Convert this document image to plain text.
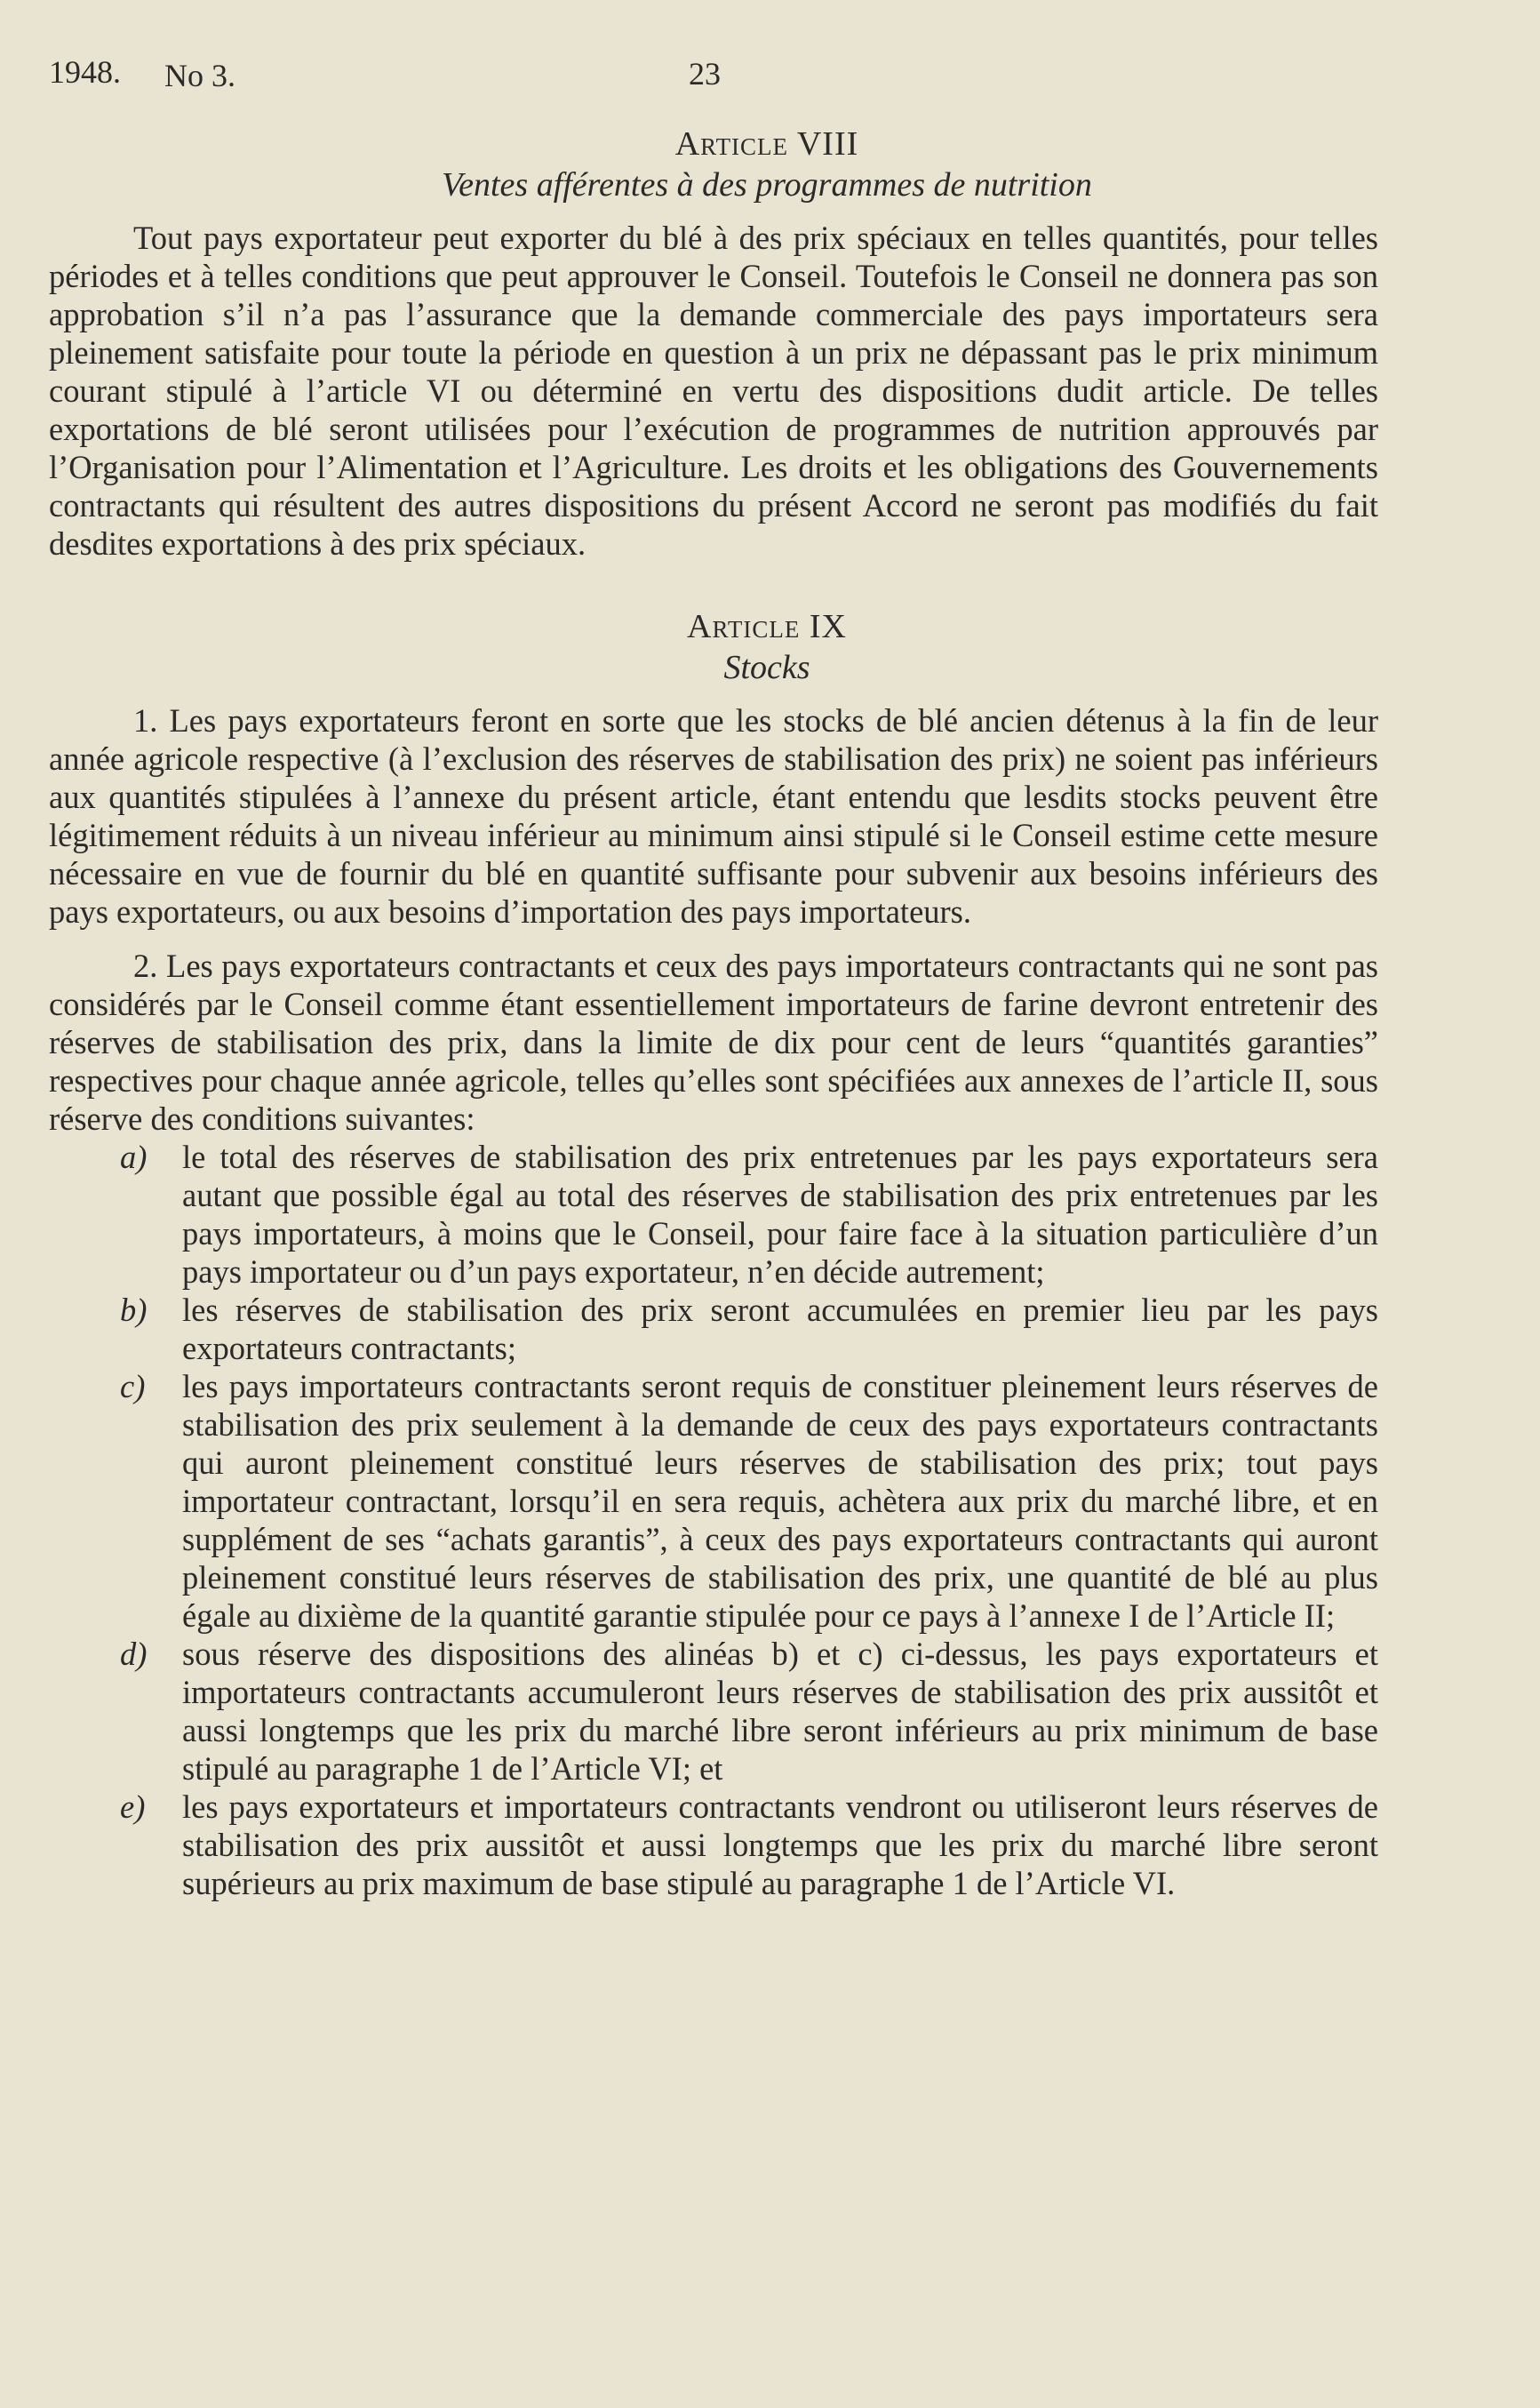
1948. No 3.	23
Article VIII
Ventes afférentes à des programmes de nutrition

Tout pays exportateur peut exporter du blé à des prix spéciaux en telles quantités, pour telles périodes et à telles conditions que peut approuver le Conseil. Toutefois le Conseil ne donnera pas son approbation s’il n’a pas l’assurance que la demande commerciale des pays importateurs sera pleinement satisfaite pour toute la période en question à un prix ne dépassant pas le prix minimum courant stipulé à l’article VI ou déterminé en vertu des dispositions dudit article. De telles exportations de blé seront utilisées pour l’exécution de programmes de nutrition approuvés par l’Organisation pour l’Alimentation et l’Agriculture. Les droits et les obligations des Gouvernements contractants qui résultent des autres dispositions du présent Accord ne seront pas modifiés du fait desdites exportations à des prix spéciaux.

Article IX
Stocks

1. Les pays exportateurs feront en sorte que les stocks de blé ancien détenus à la fin de leur année agricole respective (à l’exclusion des réserves de stabilisation des prix) ne soient pas inférieurs aux quantités stipulées à l’annexe du présent article, étant entendu que lesdits stocks peuvent être légitimement réduits à un niveau inférieur au minimum ainsi stipulé si le Conseil estime cette mesure nécessaire en vue de fournir du blé en quantité suffisante pour subvenir aux besoins inférieurs des pays exportateurs, ou aux besoins d’importation des pays importateurs.

2. Les pays exportateurs contractants et ceux des pays importateurs contractants qui ne sont pas considérés par le Conseil comme étant essentiellement importateurs de farine devront entretenir des réserves de stabilisation des prix, dans la limite de dix pour cent de leurs “quantités garanties” respectives pour chaque année agricole, telles qu’elles sont spécifiées aux annexes de l’article II, sous réserve des conditions suivantes:

a) le total des réserves de stabilisation des prix entretenues par les pays exportateurs sera autant que possible égal au total des réserves de stabilisation des prix entretenues par les pays importateurs, à moins que le Conseil, pour faire face à la situation particulière d’un pays importateur ou d’un pays exportateur, n’en décide autrement;
b) les réserves de stabilisation des prix seront accumulées en premier lieu par les pays exportateurs contractants;
c) les pays importateurs contractants seront requis de constituer pleinement leurs réserves de stabilisation des prix seulement à la demande de ceux des pays exportateurs contractants qui auront pleinement constitué leurs réserves de stabilisation des prix; tout pays importateur contractant, lorsqu’il en sera requis, achètera aux prix du marché libre, et en supplément de ses “achats garantis”, à ceux des pays exportateurs contractants qui auront pleinement constitué leurs réserves de stabilisation des prix, une quantité de blé au plus égale au dixième de la quantité garantie stipulée pour ce pays à l’annexe I de l’Article II;
d) sous réserve des dispositions des alinéas b) et c) ci-dessus, les pays exportateurs et importateurs contractants accumuleront leurs réserves de stabilisation des prix aussitôt et aussi longtemps que les prix du marché libre seront inférieurs au prix minimum de base stipulé au paragraphe 1 de l’Article VI; et
e) les pays exportateurs et importateurs contractants vendront ou utiliseront leurs réserves de stabilisation des prix aussitôt et aussi longtemps que les prix du marché libre seront supérieurs au prix maximum de base stipulé au paragraphe 1 de l’Article VI.
